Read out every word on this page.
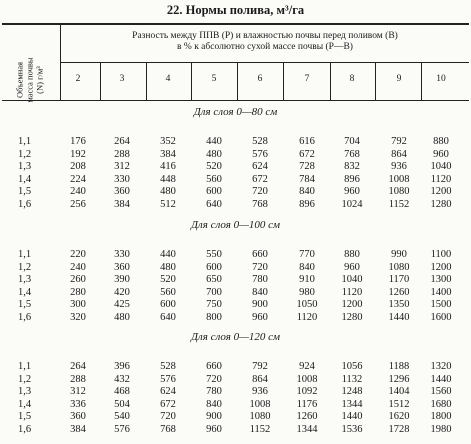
22. Нормы полива, м³/га
Объемная
масса почвы
(N) г/м³
Разность между ППВ (Р) и влажностью почвы перед поливом (В)
в % к абсолютно сухой массе почвы (Р—В)
2	3	4	5	6	7	8	9	10
Для слоя 0—80 см
1,1	176	264	352	440	528	616	704	792	880
1,2	192	288	384	480	576	672	768	864	960
1,3	208	312	416	520	624	728	832	936	1040
1,4	224	330	448	560	672	784	896	1008	1120
1,5	240	360	480	600	720	840	960	1080	1200
1,6	256	384	512	640	768	896	1024	1152	1280
Для слоя 0—100 см
1,1	220	330	440	550	660	770	880	990	1100
1,2	240	360	480	600	720	840	960	1080	1200
1,3	260	390	520	650	780	910	1040	1170	1300
1,4	280	420	560	700	840	980	1120	1260	1400
1,5	300	425	600	750	900	1050	1200	1350	1500
1,6	320	480	640	800	960	1120	1280	1440	1600
Для слоя 0—120 см
1,1	264	396	528	660	792	924	1056	1188	1320
1,2	288	432	576	720	864	1008	1132	1296	1440
1,3	312	468	624	780	936	1092	1248	1404	1560
1,4	336	504	672	840	1008	1176	1344	1512	1680
1,5	360	540	720	900	1080	1260	1440	1620	1800
1,6	384	576	768	960	1152	1344	1536	1728	1980
